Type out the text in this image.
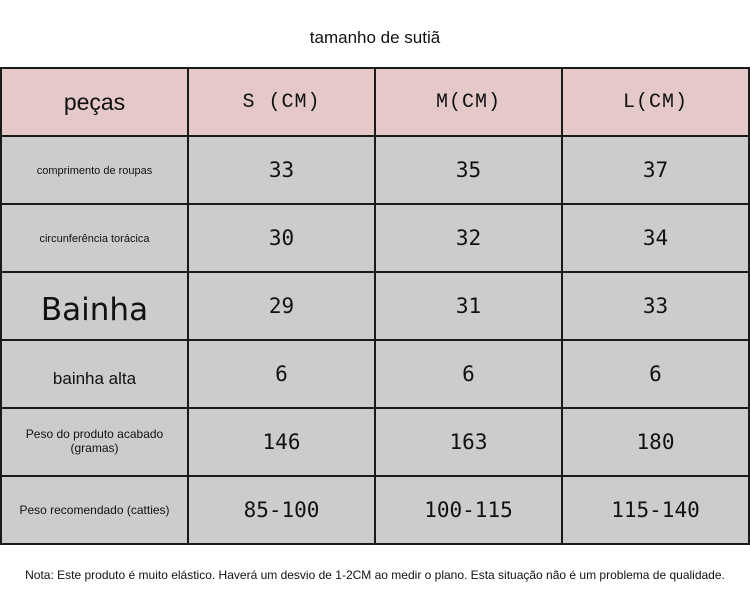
tamanho de sutiã
peças	S (CM)	M(CM)	L(CM)
comprimento de roupas	33	35	37
circunferência torácica	30	32	34
Bainha	29	31	33
bainha alta	6	6	6
Peso do produto acabado (gramas)	146	163	180
Peso recomendado (catties)	85-100	100-115	115-140
Nota: Este produto é muito elástico. Haverá um desvio de 1-2CM ao medir o plano. Esta situação não é um problema de qualidade.
